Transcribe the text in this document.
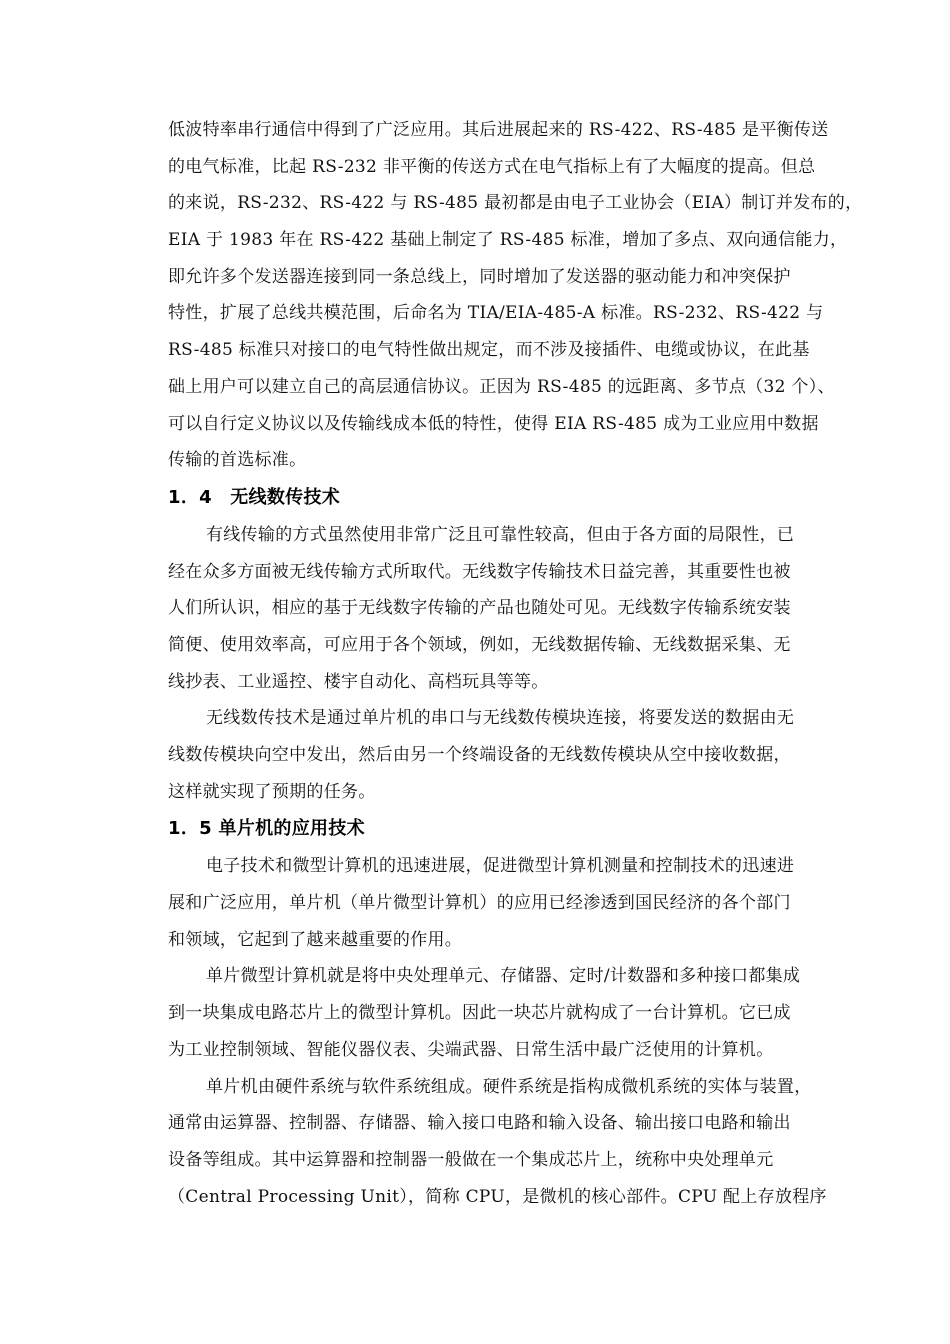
低波特率串行通信中得到了广泛应用。其后进展起来的 RS-422、RS-485 是平衡传送
的电气标准，比起 RS-232 非平衡的传送方式在电气指标上有了大幅度的提高。但总
的来说，RS-232、RS-422 与 RS-485 最初都是由电子工业协会（EIA）制订并发布的，
EIA 于 1983 年在 RS-422 基础上制定了 RS-485 标准，增加了多点、双向通信能力，
即允许多个发送器连接到同一条总线上，同时增加了发送器的驱动能力和冲突保护
特性，扩展了总线共模范围，后命名为 TIA/EIA-485-A 标准。RS-232、RS-422 与
RS-485 标准只对接口的电气特性做出规定，而不涉及接插件、电缆或协议，在此基
础上用户可以建立自己的高层通信协议。正因为 RS-485 的远距离、多节点（32 个）、
可以自行定义协议以及传输线成本低的特性，使得 EIA RS-485 成为工业应用中数据
传输的首选标准。
1．4　无线数传技术
有线传输的方式虽然使用非常广泛且可靠性较高，但由于各方面的局限性，已
经在众多方面被无线传输方式所取代。无线数字传输技术日益完善，其重要性也被
人们所认识，相应的基于无线数字传输的产品也随处可见。无线数字传输系统安装
简便、使用效率高，可应用于各个领域，例如，无线数据传输、无线数据采集、无
线抄表、工业遥控、楼宇自动化、高档玩具等等。
无线数传技术是通过单片机的串口与无线数传模块连接，将要发送的数据由无
线数传模块向空中发出，然后由另一个终端设备的无线数传模块从空中接收数据，
这样就实现了预期的任务。
1．5 单片机的应用技术
电子技术和微型计算机的迅速进展，促进微型计算机测量和控制技术的迅速进
展和广泛应用，单片机（单片微型计算机）的应用已经渗透到国民经济的各个部门
和领域，它起到了越来越重要的作用。
单片微型计算机就是将中央处理单元、存储器、定时/计数器和多种接口都集成
到一块集成电路芯片上的微型计算机。因此一块芯片就构成了一台计算机。它已成
为工业控制领域、智能仪器仪表、尖端武器、日常生活中最广泛使用的计算机。
单片机由硬件系统与软件系统组成。硬件系统是指构成微机系统的实体与装置，
通常由运算器、控制器、存储器、输入接口电路和输入设备、输出接口电路和输出
设备等组成。其中运算器和控制器一般做在一个集成芯片上，统称中央处理单元
（Central Processing Unit），简称 CPU，是微机的核心部件。CPU 配上存放程序
